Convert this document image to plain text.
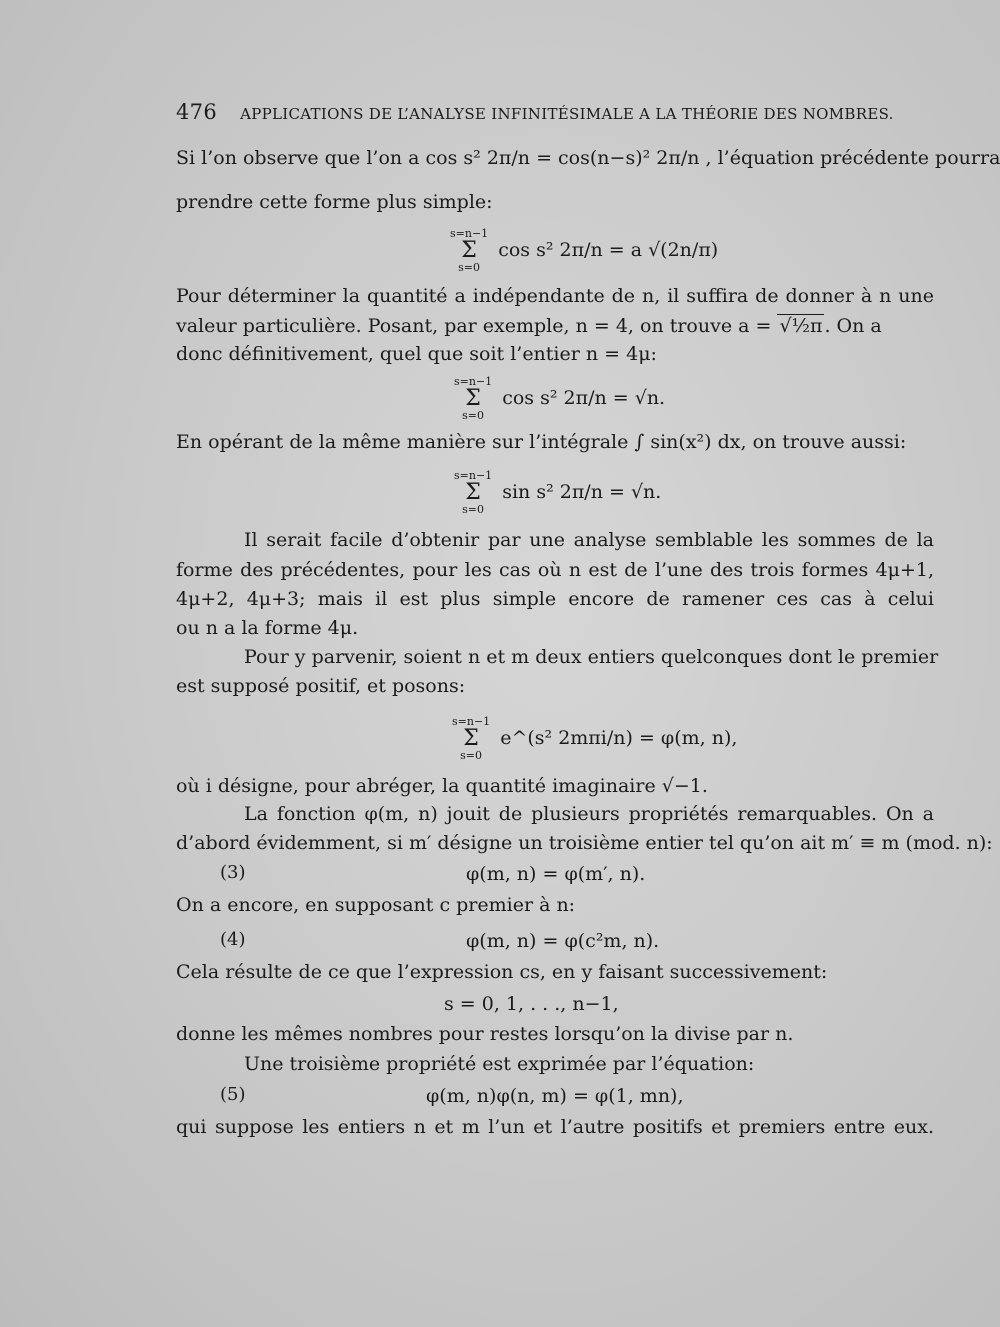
476 APPLICATIONS DE L’ANALYSE INFINITÉSIMALE A LA THÉORIE DES NOMBRES.
Si l’on observe que l’on a cos s² 2π/n = cos(n−s)² 2π/n , l’équation précédente pourra
prendre cette forme plus simple:
s=n−1
Σ
s=0 cos s² 2π/n = a √(2n/π)
Pour déterminer la quantité a indépendante de n, il suffira de donner à n une
valeur particulière. Posant, par exemple, n = 4, on trouve a = √½π . On a
donc définitivement, quel que soit l’entier n = 4μ:
s=n−1
Σ
s=0 cos s² 2π/n = √n.
En opérant de la même manière sur l’intégrale ∫ sin(x²) dx, on trouve aussi:
s=n−1
Σ
s=0 sin s² 2π/n = √n.
Il serait facile d’obtenir par une analyse semblable les sommes de la
forme des précédentes, pour les cas où n est de l’une des trois formes 4μ+1,
4μ+2, 4μ+3; mais il est plus simple encore de ramener ces cas à celui
ou n a la forme 4μ.
Pour y parvenir, soient n et m deux entiers quelconques dont le premier
est supposé positif, et posons:
s=n−1
Σ
s=0 e^(s² 2mπi/n) = φ(m, n),
où i désigne, pour abréger, la quantité imaginaire √−1.
La fonction φ(m, n) jouit de plusieurs propriétés remarquables. On a
d’abord évidemment, si m′ désigne un troisième entier tel qu’on ait m′ ≡ m (mod. n):
(3)	φ(m, n) = φ(m′, n).
On a encore, en supposant c premier à n:
(4)	φ(m, n) = φ(c²m, n).
Cela résulte de ce que l’expression cs, en y faisant successivement:
s = 0, 1, . . ., n−1,
donne les mêmes nombres pour restes lorsqu’on la divise par n.
Une troisième propriété est exprimée par l’équation:
(5)	φ(m, n)φ(n, m) = φ(1, mn),
qui suppose les entiers n et m l’un et l’autre positifs et premiers entre eux.
